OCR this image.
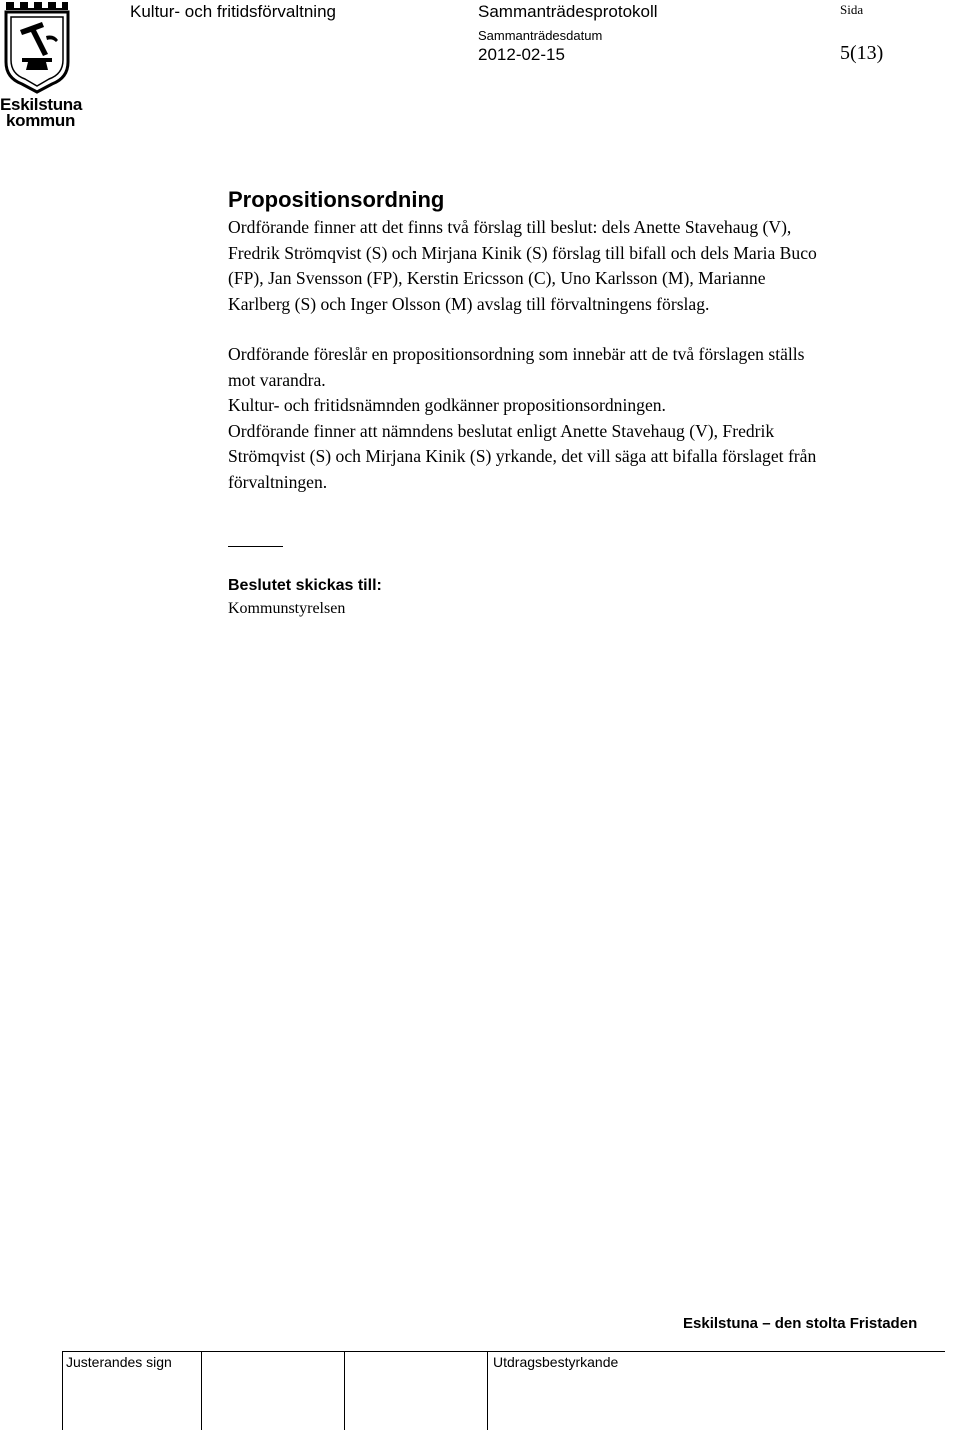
Eskilstuna
kommun
Kultur- och fritidsförvaltning	Sammanträdesprotokoll
Sammanträdesdatum
2012-02-15
Sida
5(13)
Propositionsordning

Ordförande finner att det finns två förslag till beslut: dels Anette Stavehaug (V),

Fredrik Strömqvist (S) och Mirjana Kinik (S) förslag till bifall och dels Maria Buco

(FP), Jan Svensson (FP), Kerstin Ericsson (C), Uno Karlsson (M), Marianne

Karlberg (S) och Inger Olsson (M) avslag till förvaltningens förslag.

Ordförande föreslår en propositionsordning som innebär att de två förslagen ställs

mot varandra.

Kultur- och fritidsnämnden godkänner propositionsordningen.

Ordförande finner att nämndens beslutat enligt Anette Stavehaug (V), Fredrik

Strömqvist (S) och Mirjana Kinik (S) yrkande, det vill säga att bifalla förslaget från

förvaltningen.

Beslutet skickas till:
Kommunstyrelsen
Eskilstuna – den stolta Fristaden
Justerandes sign	Utdragsbestyrkande
